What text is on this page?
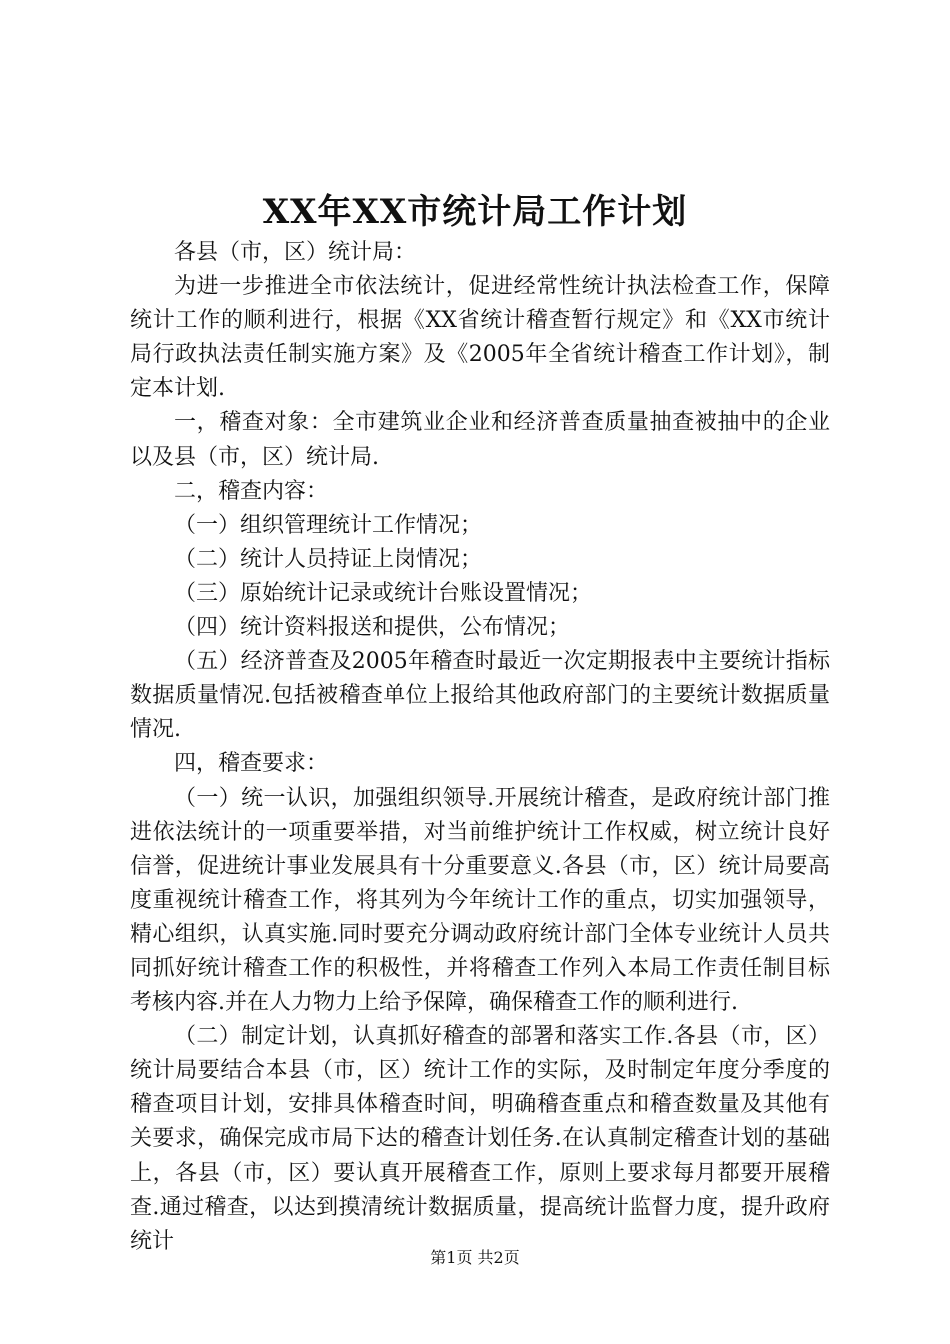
XX年XX市统计局工作计划

各县（市，区）统计局：

为进一步推进全市依法统计，促进经常性统计执法检查工作，保障统计工作的顺利进行，根据《XX省统计稽查暂行规定》和《XX市统计局行政执法责任制实施方案》及《2005年全省统计稽查工作计划》，制定本计划.

一，稽查对象：全市建筑业企业和经济普查质量抽查被抽中的企业以及县（市，区）统计局.

二，稽查内容：

（一）组织管理统计工作情况；

（二）统计人员持证上岗情况；

（三）原始统计记录或统计台账设置情况；

（四）统计资料报送和提供，公布情况；

（五）经济普查及2005年稽查时最近一次定期报表中主要统计指标数据质量情况.包括被稽查单位上报给其他政府部门的主要统计数据质量情况.

四，稽查要求：

（一）统一认识，加强组织领导.开展统计稽查，是政府统计部门推进依法统计的一项重要举措，对当前维护统计工作权威，树立统计良好信誉，促进统计事业发展具有十分重要意义.各县（市，区）统计局要高度重视统计稽查工作，将其列为今年统计工作的重点，切实加强领导，精心组织，认真实施.同时要充分调动政府统计部门全体专业统计人员共同抓好统计稽查工作的积极性，并将稽查工作列入本局工作责任制目标考核内容.并在人力物力上给予保障，确保稽查工作的顺利进行.

（二）制定计划，认真抓好稽查的部署和落实工作.各县（市，区）统计局要结合本县（市，区）统计工作的实际，及时制定年度分季度的稽查项目计划，安排具体稽查时间，明确稽查重点和稽查数量及其他有关要求，确保完成市局下达的稽查计划任务.在认真制定稽查计划的基础上，各县（市，区）要认真开展稽查工作，原则上要求每月都要开展稽查.通过稽查，以达到摸清统计数据质量，提高统计监督力度，提升政府统计

第1页 共2页
